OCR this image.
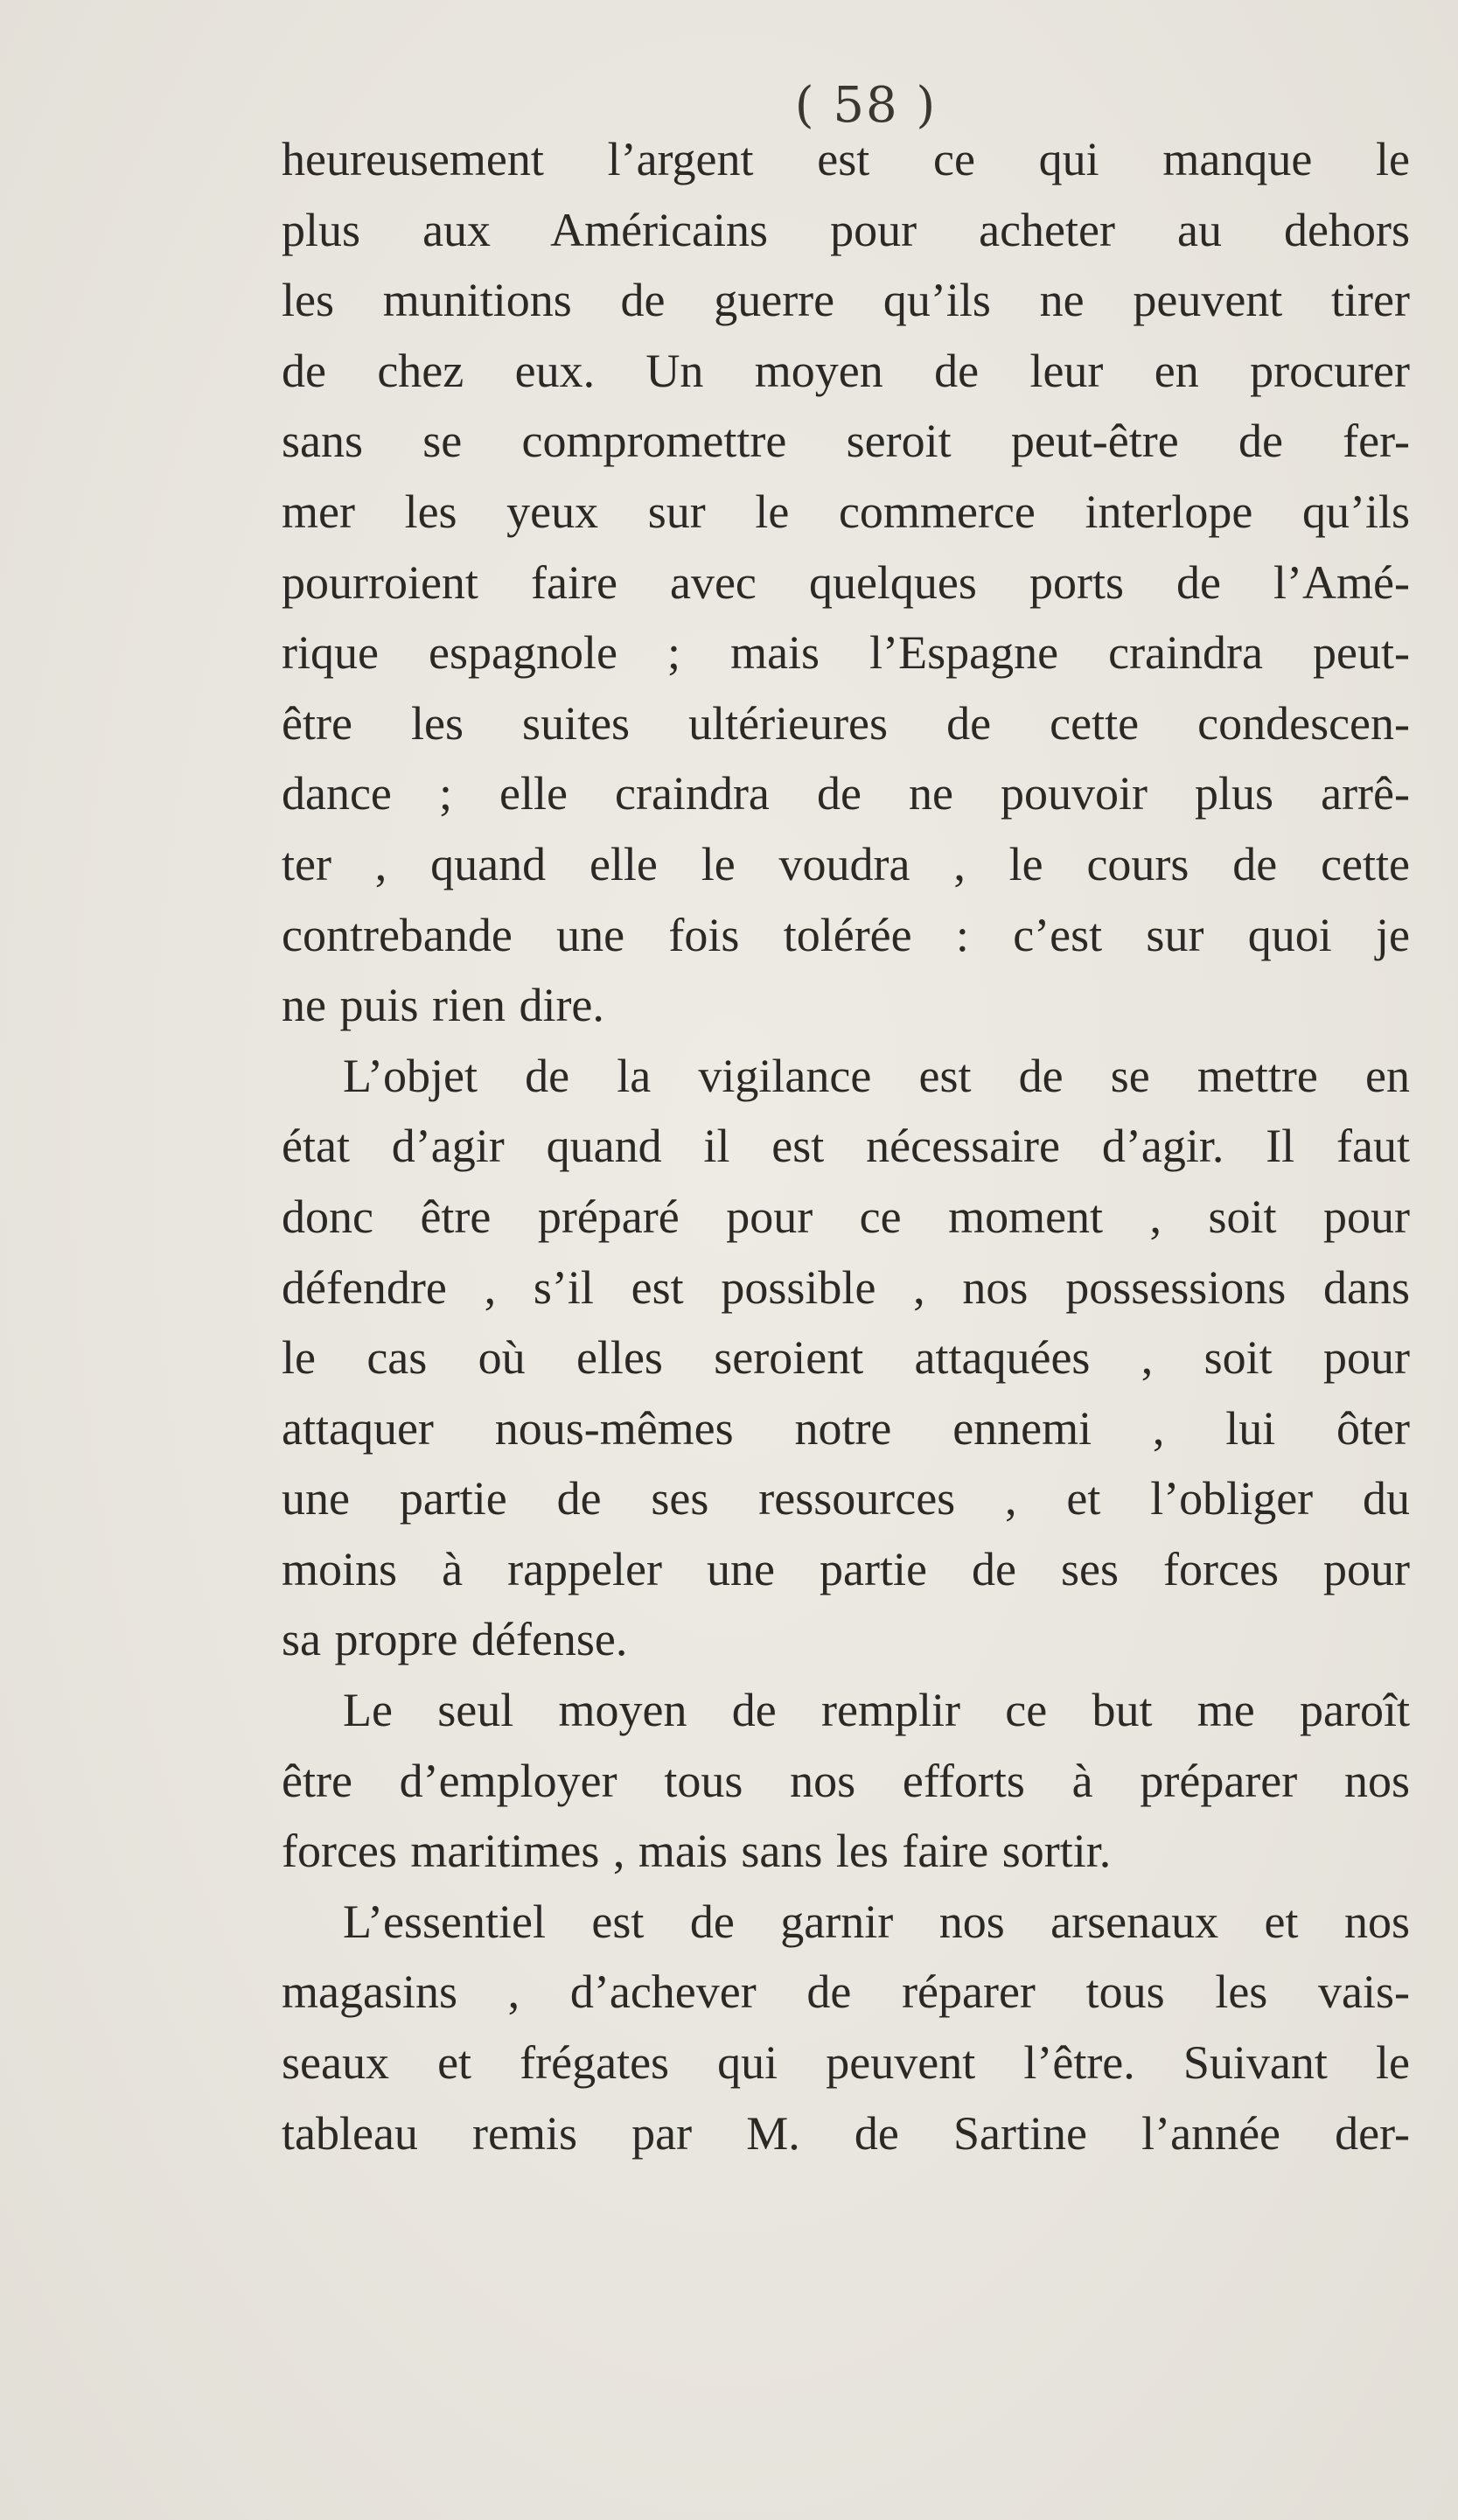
( 58 )
heureusement l’argent est ce qui manque le
plus aux Américains pour acheter au dehors
les munitions de guerre qu’ils ne peuvent tirer
de chez eux. Un moyen de leur en procurer
sans se compromettre seroit peut-être de fer-
mer les yeux sur le commerce interlope qu’ils
pourroient faire avec quelques ports de l’Amé-
rique espagnole ; mais l’Espagne craindra peut-
être les suites ultérieures de cette condescen-
dance ; elle craindra de ne pouvoir plus arrê-
ter , quand elle le voudra , le cours de cette
contrebande une fois tolérée : c’est sur quoi je
ne puis rien dire.
L’objet de la vigilance est de se mettre en
état d’agir quand il est nécessaire d’agir. Il faut
donc être préparé pour ce moment , soit pour
défendre , s’il est possible , nos possessions dans
le cas où elles seroient attaquées , soit pour
attaquer nous-mêmes notre ennemi , lui ôter
une partie de ses ressources , et l’obliger du
moins à rappeler une partie de ses forces pour
sa propre défense.
Le seul moyen de remplir ce but me paroît
être d’employer tous nos efforts à préparer nos
forces maritimes , mais sans les faire sortir.
L’essentiel est de garnir nos arsenaux et nos
magasins , d’achever de réparer tous les vais-
seaux et frégates qui peuvent l’être. Suivant le
tableau remis par M. de Sartine l’année der-
